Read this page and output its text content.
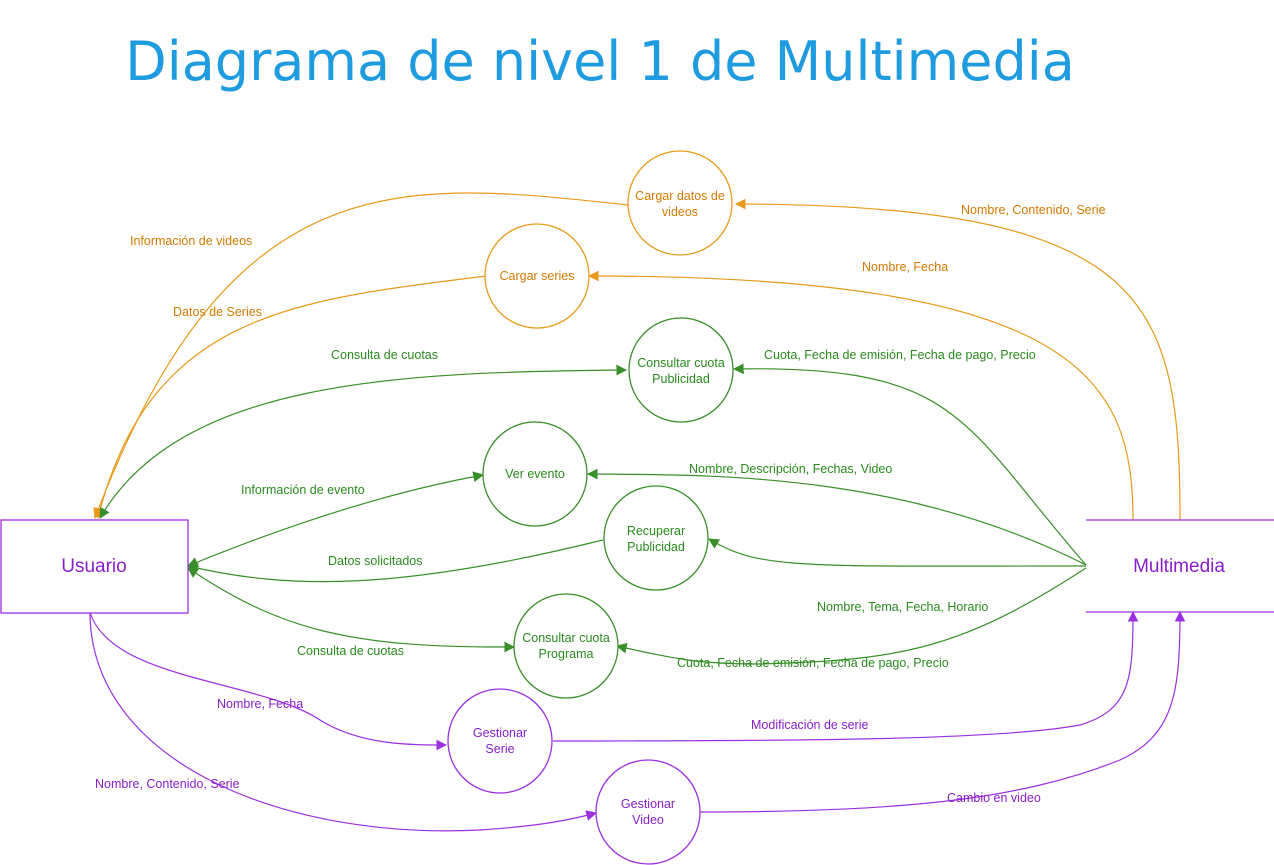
Diagrama de nivel 1 de Multimedia
Usuario	Multimedia
Cargar datos de
videos
Cargar series
Consultar cuota
Publicidad
Ver evento
Recuperar
Publicidad
Consultar cuota
Programa
Gestionar
Serie
Gestionar
Video
Información de videos
Nombre, Contenido, Serie
Datos de Series
Nombre, Fecha
Consulta de cuotas	Cuota, Fecha de emisión, Fecha de pago, Precio
Información de evento
Nombre, Descripción, Fechas, Video
Datos solicitados
Nombre, Tema, Fecha, Horario
Consulta de cuotas
Cuota, Fecha de emisión, Fecha de pago, Precio
Nombre, Fecha
Modificación de serie
Nombre, Contenido, Serie
Cambio en video
